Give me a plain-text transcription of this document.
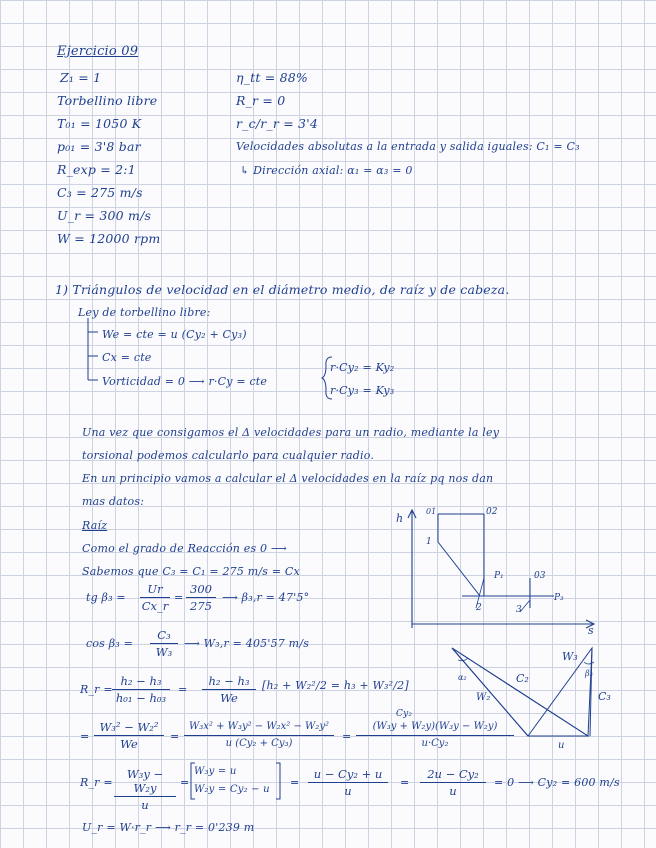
Ejercicio 09
Z₁ = 1
Torbellino libre
T₀₁ = 1050 K
p₀₁ = 3'8 bar
R_exp = 2:1
C₃ = 275 m/s
U_r = 300 m/s
W = 12000 rpm
η_tt = 88%
R_r = 0
r_c/r_r = 3'4
Velocidades absolutas a la entrada y salida iguales: C₁ = C₃
↳ Dirección axial: α₁ = α₃ = 0
1) Triángulos de velocidad en el diámetro medio, de raíz y de cabeza.
Ley de torbellino libre:
We = cte = u (Cy₂ + Cy₃)
Cx = cte
Vorticidad = 0 ⟶ r·Cy = cte
r·Cy₂ = Ky₂
r·Cy₃ = Ky₃
Una vez que consigamos el Δ velocidades para un radio, mediante la ley
torsional podemos calcularlo para cualquier radio.
En un principio vamos a calcular el Δ velocidades en la raíz pq nos dan
mas datos:
Raíz
Como el grado de Reacción es 0 ⟶
Sabemos que C₃ = C₁ = 275 m/s = Cx
tg $\beta_3 = \frac{Ur}{Cx\_r} = \frac{300}{275}$ ⟶ β₃,r = 47'5°
$\cos \beta_3 = \frac{\text{C₃}}{\text{W₃}}$ ⟶ W₃,r = 405'57 m/s
R_r = $\frac{\text{h₂ − h₃}}{\text{h₀₁ − h₀₃}} = \frac{\text{h₂ − h₃}}{We} [h_2 + W_2^2/2 = h_3 + W_3^2/2]$
= $\frac{\text{W₃² − W₂²}}{We} = \frac{\text{W₃x² + W₃y² − W₂x² − W₂y²}}{\text{u (Cy₂ + Cy₃)}}$ =
Cy₂
$\frac{\text{(W₃y + W₂y)(W₃y − W₂y)}}{\text{u·Cy₂}}$
R_r = $\frac{\text{W₃y − W₂y}}{u}$ =
W₃y = u
W₂y = Cy₂ − u
= $\frac{\text{u − Cy₂ + u}}{u} = \frac{\text{2u − Cy₂}}{u} = 0$ ⟶ Cy₂ = 600 m/s
U_r = W·r_r ⟶ r_r = 0'239 m
h
s
01	02
1
P₁
2
03
3
P₃
W₃
C₂
α₂
W₂
β₃
C₃
u
